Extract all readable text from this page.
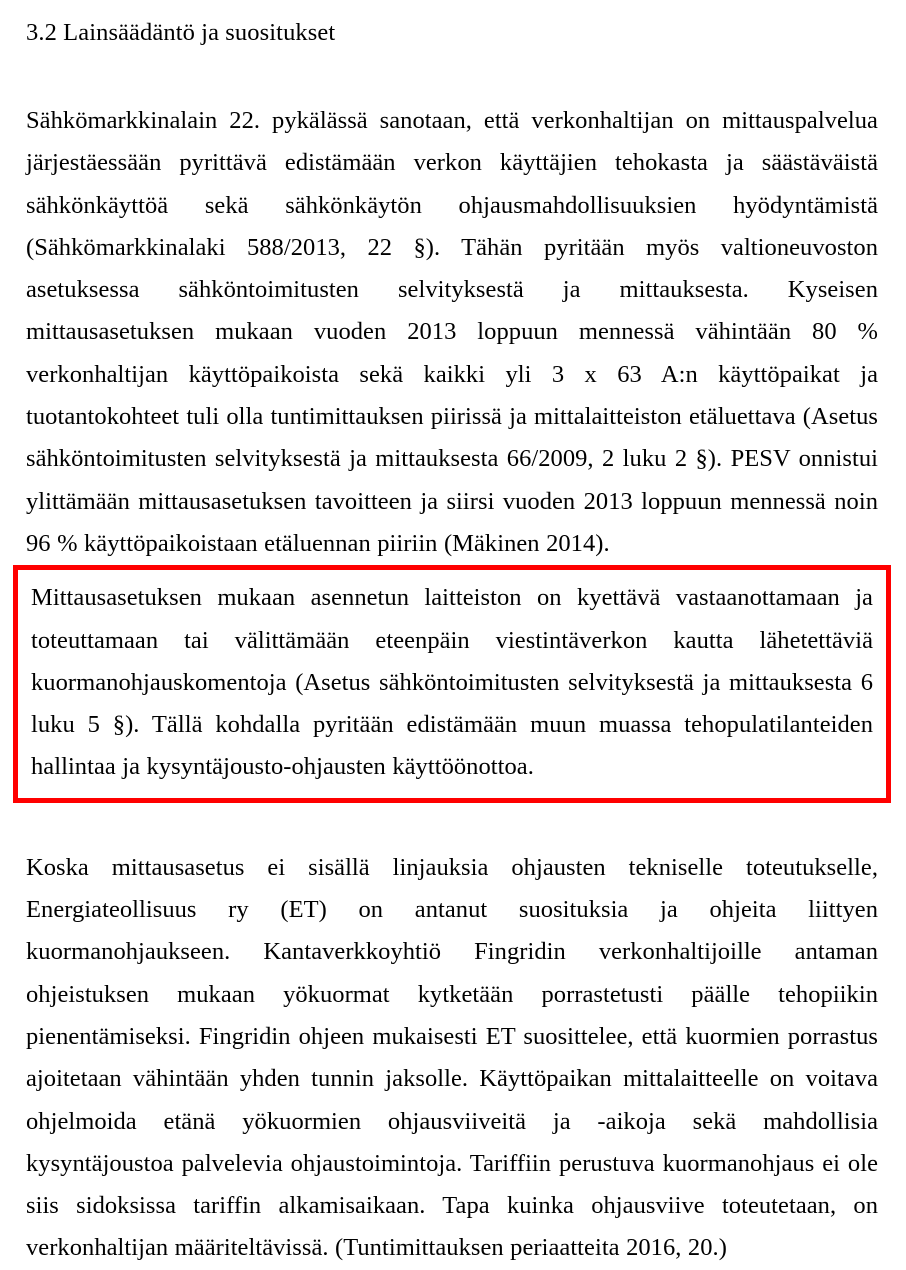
3.2 Lainsäädäntö ja suositukset

Sähkömarkkinalain 22. pykälässä sanotaan, että verkonhaltijan on mittauspalvelua järjestäessään pyrittävä edistämään verkon käyttäjien tehokasta ja säästäväistä sähkönkäyttöä sekä sähkönkäytön ohjausmahdollisuuksien hyödyntämistä (Sähkömarkkinalaki 588/2013, 22 §). Tähän pyritään myös valtioneuvoston asetuksessa sähköntoimitusten selvityksestä ja mittauksesta. Kyseisen mittausasetuksen mukaan vuoden 2013 loppuun mennessä vähintään 80 % verkonhaltijan käyttöpaikoista sekä kaikki yli 3 x 63 A:n käyttöpaikat ja tuotantokohteet tuli olla tuntimittauksen piirissä ja mittalaitteiston etäluettava (Asetus sähköntoimitusten selvityksestä ja mittauksesta 66/2009, 2 luku 2 §). PESV onnistui ylittämään mittausasetuksen tavoitteen ja siirsi vuoden 2013 loppuun mennessä noin 96 % käyttöpaikoistaan etäluennan piiriin (Mäkinen 2014).

Mittausasetuksen mukaan asennetun laitteiston on kyettävä vastaanottamaan ja toteuttamaan tai välittämään eteenpäin viestintäverkon kautta lähetettäviä kuormanohjauskomentoja (Asetus sähköntoimitusten selvityksestä ja mittauksesta 6 luku 5 §). Tällä kohdalla pyritään edistämään muun muassa tehopulatilanteiden hallintaa ja kysyntäjousto-ohjausten käyttöönottoa.

Koska mittausasetus ei sisällä linjauksia ohjausten tekniselle toteutukselle, Energiateollisuus ry (ET) on antanut suosituksia ja ohjeita liittyen kuormanohjaukseen. Kantaverkkoyhtiö Fingridin verkonhaltijoille antaman ohjeistuksen mukaan yökuormat kytketään porrastetusti päälle tehopiikin pienentämiseksi. Fingridin ohjeen mukaisesti ET suosittelee, että kuormien porrastus ajoitetaan vähintään yhden tunnin jaksolle. Käyttöpaikan mittalaitteelle on voitava ohjelmoida etänä yökuormien ohjausviiveitä ja -aikoja sekä mahdollisia kysyntäjoustoa palvelevia ohjaustoimintoja. Tariffiin perustuva kuormanohjaus ei ole siis sidoksissa tariffin alkamisaikaan. Tapa kuinka ohjausviive toteutetaan, on verkonhaltijan määriteltävissä. (Tuntimittauksen periaatteita 2016, 20.)
